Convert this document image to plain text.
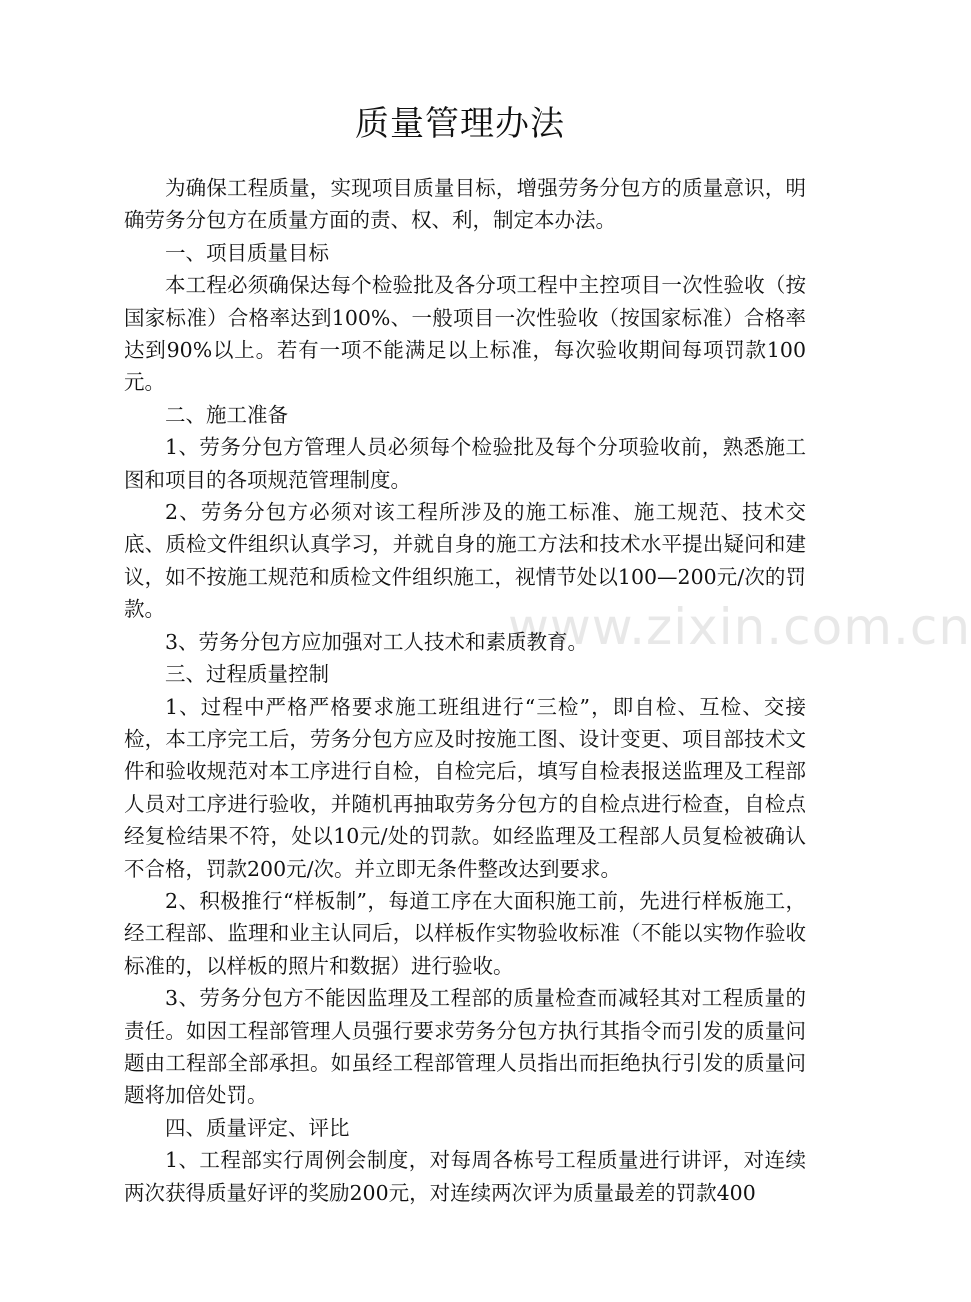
www.zixin.com.cn
质量管理办法

为确保工程质量，实现项目质量目标，增强劳务分包方的质量意识，明确劳务分包方在质量方面的责、权、利，制定本办法。

一、项目质量目标

本工程必须确保达每个检验批及各分项工程中主控项目一次性验收（按国家标准）合格率达到100%、一般项目一次性验收（按国家标准）合格率达到90%以上。若有一项不能满足以上标准，每次验收期间每项罚款100元。

二、施工准备

1、劳务分包方管理人员必须每个检验批及每个分项验收前，熟悉施工图和项目的各项规范管理制度。

2、劳务分包方必须对该工程所涉及的施工标准、施工规范、技术交底、质检文件组织认真学习，并就自身的施工方法和技术水平提出疑问和建议，如不按施工规范和质检文件组织施工，视情节处以100—200元/次的罚款。

3、劳务分包方应加强对工人技术和素质教育。

三、过程质量控制

1、过程中严格严格要求施工班组进行“三检”，即自检、互检、交接检，本工序完工后，劳务分包方应及时按施工图、设计变更、项目部技术文件和验收规范对本工序进行自检，自检完后，填写自检表报送监理及工程部人员对工序进行验收，并随机再抽取劳务分包方的自检点进行检查，自检点经复检结果不符，处以10元/处的罚款。如经监理及工程部人员复检被确认不合格，罚款200元/次。并立即无条件整改达到要求。

2、积极推行“样板制”，每道工序在大面积施工前，先进行样板施工，经工程部、监理和业主认同后，以样板作实物验收标准（不能以实物作验收标准的，以样板的照片和数据）进行验收。

3、劳务分包方不能因监理及工程部的质量检查而减轻其对工程质量的责任。如因工程部管理人员强行要求劳务分包方执行其指令而引发的质量问题由工程部全部承担。如虽经工程部管理人员指出而拒绝执行引发的质量问题将加倍处罚。

四、质量评定、评比

1、工程部实行周例会制度，对每周各栋号工程质量进行讲评，对连续两次获得质量好评的奖励200元，对连续两次评为质量最差的罚款400
